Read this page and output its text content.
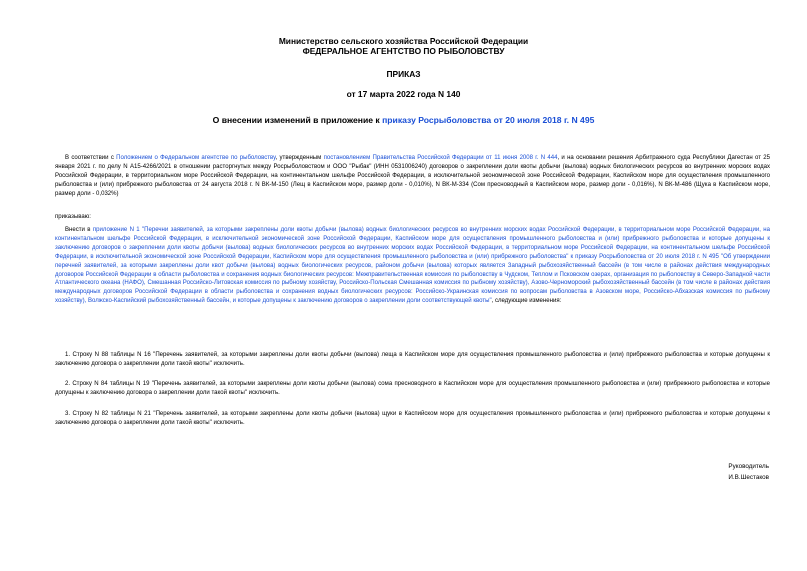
Министерство сельского хозяйства Российской Федерации
ФЕДЕРАЛЬНОЕ АГЕНТСТВО ПО РЫБОЛОВСТВУ
ПРИКАЗ
от 17 марта 2022 года N 140
О внесении изменений в приложение к приказу Росрыболовства от 20 июля 2018 г. N 495
В соответствии с Положением о Федеральном агентстве по рыболовству, утвержденным постановлением Правительства Российской Федерации от 11 июня 2008 г. N 444, и на основании решения Арбитражного суда Республики Дагестан от 25 января 2021 г. по делу N А15-4266/2021 в отношении расторгнутых между Росрыболовством и ООО "Рыбак" (ИНН 0531006240) договоров о закреплении доли квоты добычи (вылова) водных биологических ресурсов во внутренних морских водах Российской Федерации, в территориальном море Российской Федерации, на континентальном шельфе Российской Федерации, в исключительной экономической зоне Российской Федерации, Каспийском море для осуществления промышленного рыболовства и (или) прибрежного рыболовства от 24 августа 2018 г. N ВК-М-150 (Лещ в Каспийском море, размер доли - 0,010%), N ВК-М-334 (Сом пресноводный в Каспийском море, размер доли - 0,016%), N ВК-М-486 (Щука в Каспийском море, размер доли - 0,032%)
приказываю:
Внести в приложение N 1 "Перечни заявителей, за которыми закреплены доли квоты добычи (вылова) водных биологических ресурсов во внутренних морских водах Российской Федерации, в территориальном море Российской Федерации, на континентальном шельфе Российской Федерации, в исключительной экономической зоне Российской Федерации, Каспийском море для осуществления промышленного рыболовства и (или) прибрежного рыболовства и которые допущены к заключению договоров о закреплении доли квоты добычи (вылова) водных биологических ресурсов во внутренних морских водах Российской Федерации, в территориальном море Российской Федерации, на континентальном шельфе Российской Федерации, в исключительной экономической зоне Российской Федерации, Каспийском море для осуществления промышленного рыболовства и (или) прибрежного рыболовства" к приказу Росрыболовства от 20 июля 2018 г. N 495 "Об утверждении перечней заявителей, за которыми закреплены доли квот добычи (вылова) водных биологических ресурсов, районом добычи (вылова) которых является Западный рыбохозяйственный бассейн (в том числе в районах действия международных договоров Российской Федерации в области рыболовства и сохранения водных биологических ресурсов: Межправительственная комиссия по рыболовству в Чудском, Теплом и Псковском озерах, организация по рыболовству в Северо-Западной части Атлантического океана (НАФО), Смешанная Российско-Литовская комиссия по рыбному хозяйству, Российско-Польская Смешанная комиссия по рыбному хозяйству), Азово-Черноморский рыбохозяйственный бассейн (в том числе в районах действия международных договоров Российской Федерации в области рыболовства и сохранения водных биологических ресурсов: Российско-Украинская комиссия по вопросам рыболовства в Азовском море, Российско-Абхазская комиссия по рыбному хозяйству), Волжско-Каспийский рыбохозяйственный бассейн, и которые допущены к заключению договоров о закреплении доли соответствующей квоты", следующие изменения:
1. Строку N 88 таблицы N 16 "Перечень заявителей, за которыми закреплены доли квоты добычи (вылова) леща в Каспийском море для осуществления промышленного рыболовства и (или) прибрежного рыболовства и которые допущены к заключению договора о закреплении доли такой квоты" исключить.
2. Строку N 84 таблицы N 19 "Перечень заявителей, за которыми закреплены доли квоты добычи (вылова) сома пресноводного в Каспийском море для осуществления промышленного рыболовства и (или) прибрежного рыболовства и которые допущены к заключению договора о закреплении доли такой квоты" исключить.
3. Строку N 82 таблицы N 21 "Перечень заявителей, за которыми закреплены доли квоты добычи (вылова) щуки в Каспийском море для осуществления промышленного рыболовства и (или) прибрежного рыболовства и которые допущены к заключению договора о закреплении доли такой квоты" исключить.
Руководитель
И.В.Шестаков
